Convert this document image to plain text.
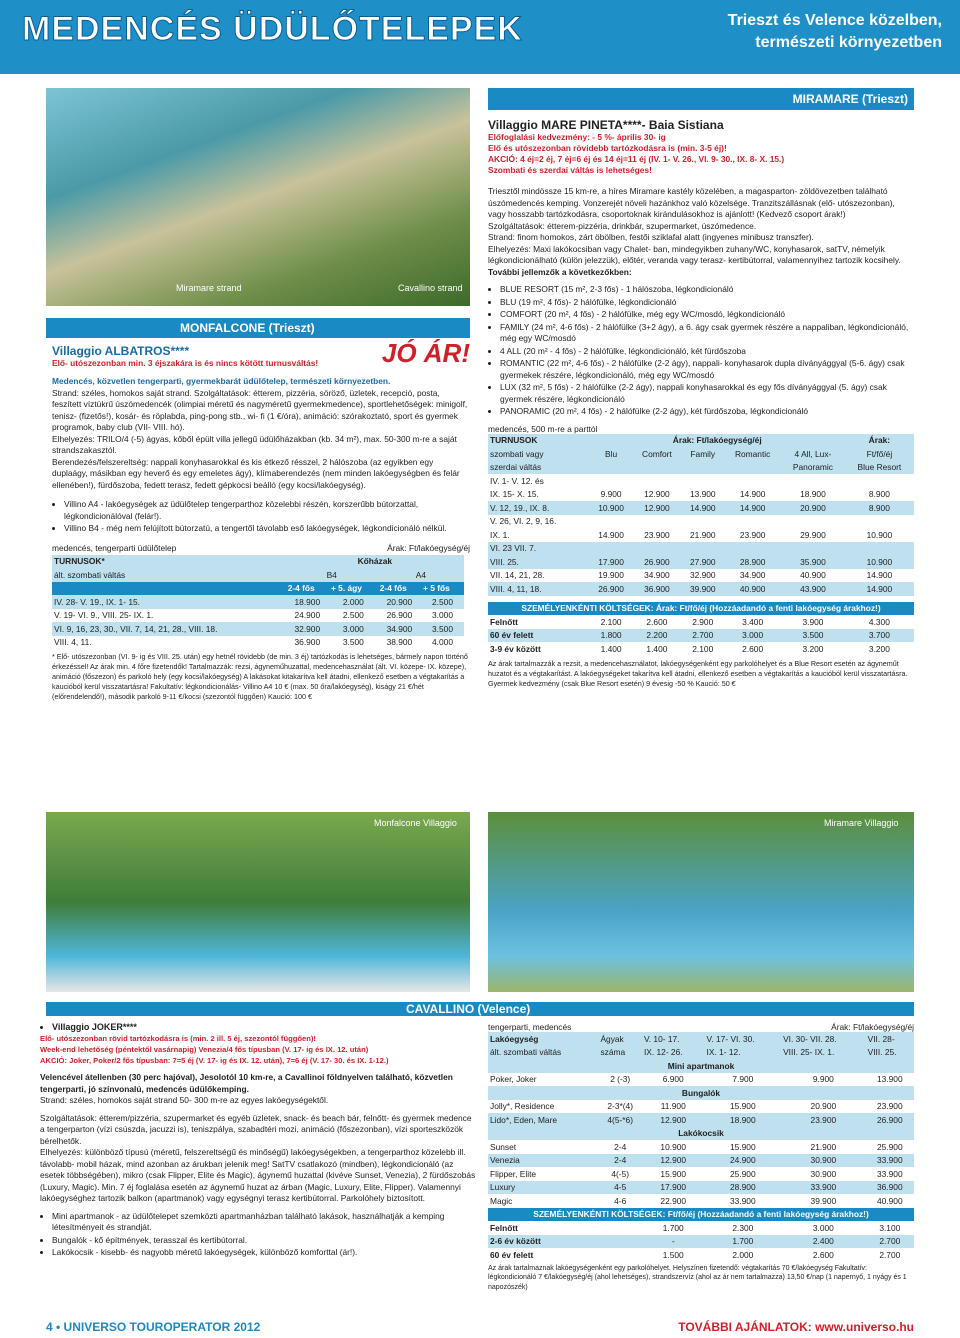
MEDENCÉS ÜDÜLŐTELEPEK	Trieszt és Velence közelben,
természeti környezetben
Miramare strand	Cavallino strand
MONFALCONE (Trieszt)
Villaggio ALBATROS****
Elő- utószezonban min. 3 éjszakára is és nincs kötött turnusváltás!	JÓ ÁR!
Medencés, közvetlen tengerparti, gyermekbarát üdülőtelep, természeti környezetben.
Strand: széles, homokos saját strand. Szolgáltatások: étterem, pizzéria, söröző, üzletek, recepció, posta, feszített víztükrű úszómedencék (olimpiai méretű és nagyméretű gyermekmedence), sportlehetőségek: minigolf, tenisz- (fizetős!), kosár- és röplabda, ping-pong stb., wi- fi (1 €/óra), animáció: szórakoztató, sport és gyermek programok, baby club (VII- VIII. hó).
Elhelyezés: TRILO/4 (-5) ágyas, kőből épült villa jellegű üdülőházakban (kb. 34 m²), max. 50-300 m-re a saját strandszakasztól.
Berendezés/felszereltség: nappali konyhasarokkal és kis étkező résszel, 2 hálószoba (az egyikben egy duplaágy, másikban egy heverő és egy emeletes ágy), klímaberendezés (nem minden lakóegységben és felár ellenében!), fürdőszoba, fedett terasz, fedett gépkocsi beálló (egy kocsi/lakóegység).
• Villino A4 - lakóegységek az üdülőtelep tengerparthoz közelebbi részén, korszerűbb bútorzattal, légkondicionálóval (felár!).
• Villino B4 - még nem felújított bútorzatú, a tengertől távolabb eső lakóegységek, légkondicionáló nélkül.
medencés, tengerparti üdülőtelep	Árak: Ft/lakóegység/éj
TURNUSOK*	Kőházak			
ált. szombati váltás	B4		A4	
	2-4 fős	+ 5. ágy	2-4 fős	+ 5 fős
IV. 28- V. 19., IX. 1- 15.	18.900	2.000	20.900	2.500
V. 19- VI. 9., VIII. 25- IX. 1.	24.900	2.500	26.900	3.000
VI. 9, 16, 23, 30., VII. 7, 14, 21, 28., VIII. 18.	32.900	3.000	34.900	3.500
VIII. 4, 11.	36.900	3.500	38.900	4.000
* Elő- utószezonban (VI. 9- ig és VIII. 25. után) egy hetnél rövidebb (de min. 3 éj) tartózkodás is lehetséges, bármely napon történő érkezéssel! Az árak min. 4 főre fizetendők! Tartalmazzák: rezsi, ágyneműhuzattal, medencehasználat (ált. VI. közepe- IX. közepe), animáció (főszezon) és parkoló hely (egy kocsi/lakóegység) A lakásokat kitakarítva kell átadni, ellenkező esetben a végtakarítás a kaucióból kerül visszatartásra! Fakultatív: légkondicionálás- Villino A4 10 € (max. 50 őra/lakóegység), kiságy 21 €/hét (előrendelendő!), második parkoló 9-11 €/kocsi (szezontól függően) Kaució: 100 €
MIRAMARE (Trieszt)
Villaggio MARE PINETA****- Baia Sistiana
Előfoglalási kedvezmény: - 5 %- április 30- ig
Elő és utószezonban rövidebb tartózkodásra is (min. 3-5 éj)!
AKCIÓ: 4 éj=2 éj, 7 éj=6 éj és 14 éj=11 éj (IV. 1- V. 26., VI. 9- 30., IX. 8- X. 15.)
Szombati és szerdai váltás is lehetséges!
Triesztől mindössze 15 km-re, a híres Miramare kastély közelében, a magasparton- zöldövezetben található úszómedencés kemping. Vonzerejét növeli hazánkhoz való közelsége. Tranzitszállásnak (elő- utószezonban), vagy hosszabb tartózkodásra, csoportoknak kirándulásokhoz is ajánlott! (Kedvező csoport árak!)
Szolgáltatások: étterem-pizzéria, drinkbár, szupermarket, úszómedence.
Strand: finom homokos, zárt öbölben, festői sziklafal alatt (ingyenes minibusz transzfer).
Elhelyezés: Maxi lakókocsiban vagy Chalet- ban, mindegyikben zuhany/WC, konyhasarok, satTV, némelyik légkondicionálható (külön jelezzük), előtér, veranda vagy terasz- kertibútorral, valamennyihez tartozik kocsihely.
További jellemzők a következőkben:
• BLUE RESORT (15 m², 2-3 fős) - 1 hálószoba, légkondicionáló
• BLU (19 m², 4 fős)- 2 hálófülke, légkondicionáló
• COMFORT (20 m², 4 fős) - 2 hálófülke, még egy WC/mosdó, légkondicionáló
• FAMILY (24 m², 4-6 fős) - 2 hálófülke (3+2 ágy), a 6. ágy csak gyermek részére a nappaliban, légkondicionáló, még egy WC/mosdó
• 4 ALL (20 m² - 4 fős) - 2 hálófülke, légkondicionáló, két fürdőszoba
• ROMANTIC (22 m², 4-6 fős) - 2 hálófülke (2-2 ágy), nappali- konyhasarok dupla díványággyal (5-6. ágy) csak gyermekek részére, légkondicionáló, még egy WC/mosdó
• LUX (32 m², 5 fős) - 2 hálófülke (2-2 ágy), nappali konyhasarokkal és egy fős díványággyal (5. ágy) csak gyermek részére, légkondicionáló
• PANORAMIC (20 m², 4 fős) - 2 hálófülke (2-2 ágy), két fürdőszoba, légkondicionáló
medencés, 500 m-re a parttól
TURNUSOK	Árak: Ft/lakóegység/éj					Árak:
szombati vagy	Blu	Comfort	Family	Romantic	4 All, Lux-	Ft/fő/éj
szerdai váltás					Panoramic	Blue Resort
IV. 1- V. 12. és						
IX. 15- X. 15.	9.900	12.900	13.900	14.900	18.900	8.900
V. 12, 19., IX. 8.	10.900	12.900	14.900	14.900	20.900	8.900
V. 26, VI. 2, 9, 16.						
IX. 1.	14.900	23.900	21.900	23.900	29.900	10.900
VI. 23 VII. 7.						
VIII. 25.	17.900	26.900	27.900	28.900	35.900	10.900
VII. 14, 21, 28.	19.900	34.900	32.900	34.900	40.900	14.900
VIII. 4, 11, 18.	26.900	36.900	39.900	40.900	43.900	14.900

SZEMÉLYENKÉNTI KÖLTSÉGEK: Árak: Ft/fő/éj (Hozzáadandó a fenti lakóegység árakhoz!)						
Felnőtt	2.100	2.600	2.900	3.400	3.900	4.300
60 év felett	1.800	2.200	2.700	3.000	3.500	3.700
3-9 év között	1.400	1.400	2.100	2.600	3.200	3.200
Az árak tartalmazzák a rezsit, a medencehasználatot, lakóegységenként egy parkolóhelyet és a Blue Resort esetén az ágyneműt huzatot és a végtakarítást. A lakóegységeket takarítva kell átadni, ellenkező esetben a végtakarítás a kaucióból kerül visszatartásra. Gyermek kedvezmény (csak Blue Resort esetén) 9 évesig -50 % Kaució: 50 €
Monfalcone Villaggio	Miramare Villaggio
CAVALLINO (Velence)
• Villaggio JOKER****
Elő- utószezonban rövid tartózkodásra is (min. 2 ill. 5 éj, szezontól függően)!
Week-end lehetőség (péntektől vasárnapig) Venezia/4 fős típusban (V. 17- ig és IX. 12. után)
AKCIÓ: Joker, Poker/2 fős típusban: 7=5 éj (V. 17- ig és IX. 12. után), 7=6 éj (V. 17- 30. és IX. 1-12.)
Velencével átellenben (30 perc hajóval), Jesolotól 10 km-re, a Cavallinoi földnyelven található, közvetlen tengerparti, jó színvonalú, medencés üdülőkemping.
Strand: széles, homokos saját strand 50- 300 m-re az egyes lakóegységektől.
Szolgáltatások: étterem/pizzéria, szupermarket és egyéb üzletek, snack- és beach bár, felnőtt- és gyermek medence a tengerparton (vízi csúszda, jacuzzi is), teniszpálya, szabadtéri mozi, animáció (főszezonban), vízi sporteszközök bérelhetők.
Elhelyezés: különböző típusú (méretű, felszereltségű és minőségű) lakóegységekben, a tengerparthoz közelebb ill. távolabb- mobil házak, mind azonban az árukban jelenik meg! SatTV csatlakozó (mindben), légkondicionáló (az esetek többségében), mikro (csak Flipper, Elite és Magic), ágynemű huzattal (kivéve Sunset, Venezia), 2 fürdőszobás (Luxury, Magic). Min. 7 éj foglalása esetén az ágynemű huzat az árban (Magic, Luxury, Elite, Flipper). Valamennyi lakóegységhez tartozik balkon (apartmanok) vagy egységnyi terasz kertibútorral. Parkolóhely biztosított.
• Mini apartmanok - az üdülőtelepet szemközti apartmanházban található lakások, használhatják a kemping létesítményeit és strandját.
• Bungalók - kő építmények, terasszal és kertibútorral.
• Lakókocsik - kisebb- és nagyobb méretű lakóegységek, különböző komforttal (ár!).
tengerparti, medencés	Árak: Ft/lakóegység/éj
Lakóegység	Ágyak	V. 10- 17.	V. 17- VI. 30.	VI. 30- VII. 28.	VII. 28-
ált. szombati váltás	száma	IX. 12- 26.	IX. 1- 12.	VIII. 25- IX. 1.	VIII. 25.
Mini apartmanok					
Poker, Joker	2 (-3)	6.900	7.900	9.900	13.900
Bungalók					
Jolly*, Residence	2-3*(4)	11.900	15.900	20.900	23.900
Lido*, Eden, Mare	4(5-*6)	12.900	18.900	23.900	26.900
Lakókocsik					
Sunset	2-4	10.900	15.900	21.900	25.900
Venezia	2-4	12.900	24.900	30.900	33.900
Flipper, Elite	4(-5)	15.900	25.900	30.900	33.900
Luxury	4-5	17.900	28.900	33.900	36.900
Magic	4-6	22.900	33.900	39.900	40.900
SZEMÉLYENKÉNTI KÖLTSÉGEK: Ft/fő/éj (Hozzáadandó a fenti lakóegység árakhoz!)					
Felnőtt		1.700	2.300	3.000	3.100
2-6 év között		-	1.700	2.400	2.700
60 év felett		1.500	2.000	2.600	2.700
Az árak tartalmaznak lakóegységenként egy parkolóhelyet. Helyszínen fizetendő: végtakarítás 70 €/lakóegység Fakultatív: légkondicionáló 7 €/lakóegység/éj (ahol lehetséges), strandszervíz (ahol az ár nem tartalmazza) 13,50 €/nap (1 napernyő, 1 nyágy és 1 napozószék)
4 • UNIVERSO TOUROPERATOR 2012	TOVÁBBI AJÁNLATOK: www.universo.hu
